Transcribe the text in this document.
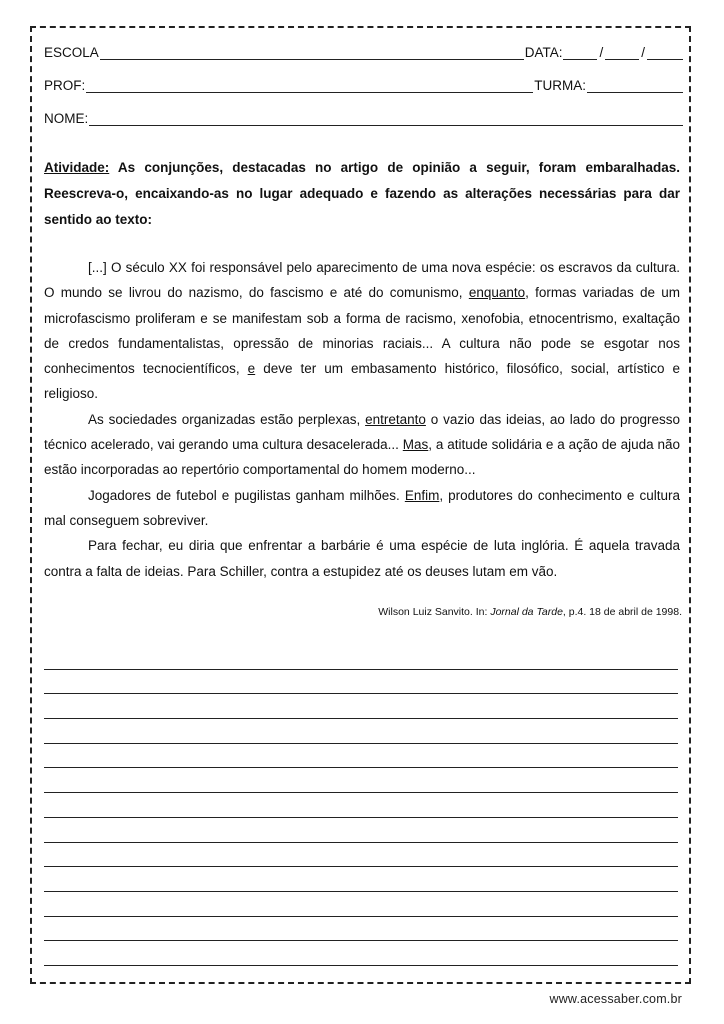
ESCOLA	DATA:	/	/
PROF:	TURMA:
NOME:
Atividade: As conjunções, destacadas no artigo de opinião a seguir, foram embaralhadas. Reescreva-o, encaixando-as no lugar adequado e fazendo as alterações necessárias para dar sentido ao texto:

[...] O século XX foi responsável pelo aparecimento de uma nova espécie: os escravos da cultura. O mundo se livrou do nazismo, do fascismo e até do comunismo, enquanto, formas variadas de um microfascismo proliferam e se manifestam sob a forma de racismo, xenofobia, etnocentrismo, exaltação de credos fundamentalistas, opressão de minorias raciais... A cultura não pode se esgotar nos conhecimentos tecnocientíficos, e deve ter um embasamento histórico, filosófico, social, artístico e religioso.

As sociedades organizadas estão perplexas, entretanto o vazio das ideias, ao lado do progresso técnico acelerado, vai gerando uma cultura desacelerada... Mas, a atitude solidária e a ação de ajuda não estão incorporadas ao repertório comportamental do homem moderno...

Jogadores de futebol e pugilistas ganham milhões. Enfim, produtores do conhecimento e cultura mal conseguem sobreviver.

Para fechar, eu diria que enfrentar a barbárie é uma espécie de luta inglória. É aquela travada contra a falta de ideias. Para Schiller, contra a estupidez até os deuses lutam em vão.

Wilson Luiz Sanvito. In: Jornal da Tarde, p.4. 18 de abril de 1998.
www.acessaber.com.br
